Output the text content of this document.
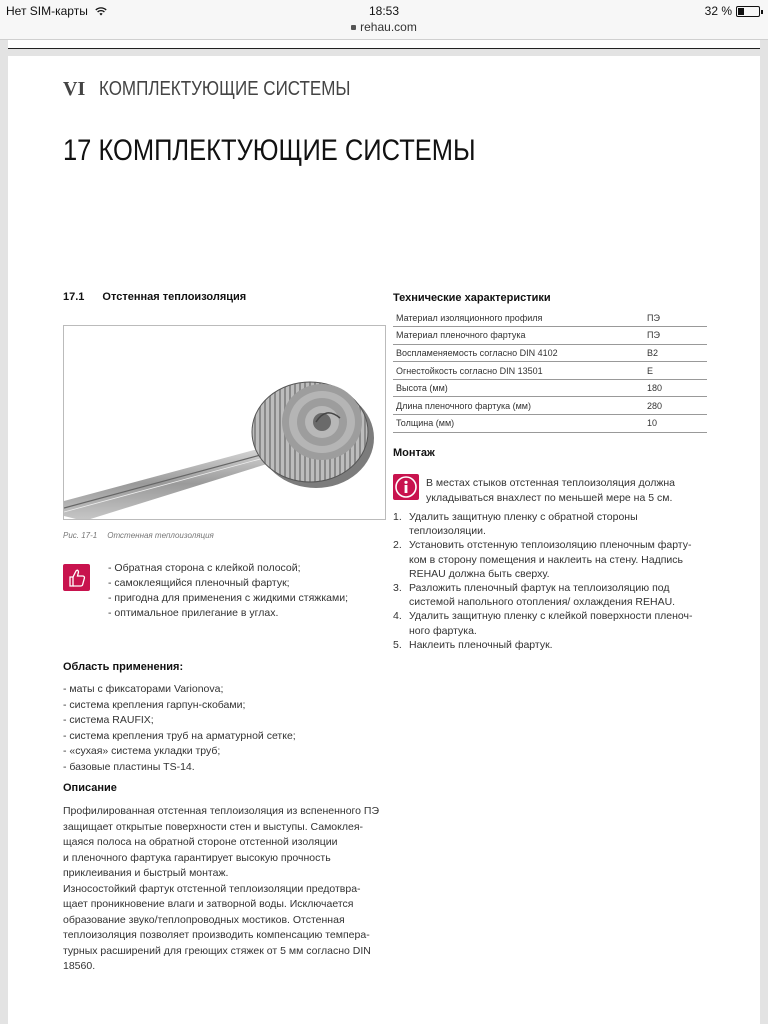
Нет SIM-карты	18:53	32 %
rehau.com
VI КОМПЛЕКТУЮЩИЕ СИСТЕМЫ
17 КОМПЛЕКТУЮЩИЕ СИСТЕМЫ
17.1 Отстенная теплоизоляция
Рис. 17-1 Отстенная теплоизоляция
- Обратная сторона с клейкой полосой;
- самоклеящийся пленочный фартук;
- пригодна для применения с жидкими стяжками;
- оптимальное прилегание в углах.
Область применения:
- маты с фиксаторами Varionova;
- система крепления гарпун-скобами;
- система RAUFIX;
- система крепления труб на арматурной сетке;
- «сухая» система укладки труб;
- базовые пластины TS-14.
Описание

Профилированная отстенная теплоизоляция из вспененного ПЭ

защищает открытые поверхности стен и выступы. Самоклея-

щаяся полоса на обратной стороне отстенной изоляции

и пленочного фартука гарантирует высокую прочность

приклеивания и быстрый монтаж.

Износостойкий фартук отстенной теплоизоляции предотвра-

щает проникновение влаги и затворной воды. Исключается

образование звуко/теплопроводных мостиков. Отстенная

теплоизоляция позволяет производить компенсацию темпера-

турных расширений для греющих стяжек от 5 мм согласно DIN

18560.

Технические характеристики
Материал изоляционного профиля	ПЭ
Материал пленочного фартука	ПЭ
Воспламеняемость согласно DIN 4102	B2
Огнестойкость согласно DIN 13501	E
Высота (мм)	180
Длина пленочного фартука (мм)	280
Толщина (мм)	10
Монтаж
В местах стыков отстенная теплоизоляция должна
укладываться внахлест по меньшей мере на 5 см.
1. Удалить защитную пленку с обратной стороны
теплоизоляции.
2. Установить отстенную теплоизоляцию пленочным фарту-
ком в сторону помещения и наклеить на стену. Надпись
REHAU должна быть сверху.
3. Разложить пленочный фартук на теплоизоляцию под
системой напольного отопления/ охлаждения REHAU.
4. Удалить защитную пленку с клейкой поверхности пленоч-
ного фартука.
5. Наклеить пленочный фартук.
